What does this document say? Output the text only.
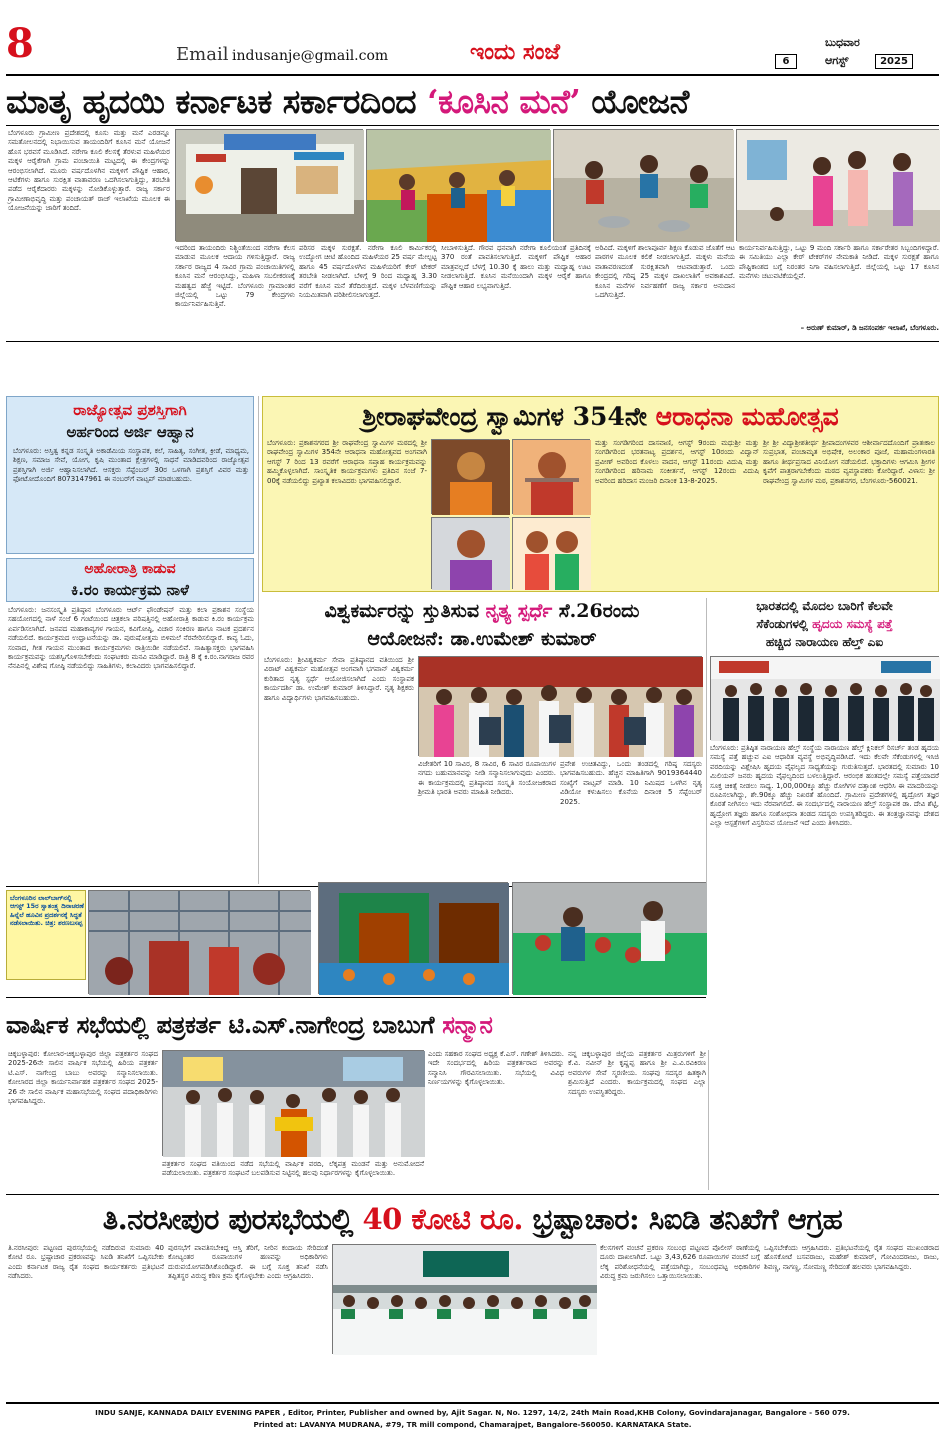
8	Email indusanje@gmail.com	ಇಂದು ಸಂಜೆ	ಬುಧವಾರ
6	ಆಗಸ್ಟ್	2025
ಮಾತೃ ಹೃದಯಿ ಕರ್ನಾಟಕ ಸರ್ಕಾರದಿಂದ ‘ಕೂಸಿನ ಮನೆ’ ಯೋಜನೆ
ಬೆಂಗಳೂರು ಗ್ರಾಮೀಣ ಪ್ರದೇಶದಲ್ಲಿ ಕೂಸು ಮತ್ತು ಮನೆ ಎರಡನ್ನೂ ಸಮತೋಲನದಲ್ಲಿ ನಿಭಾಯಿಸುವ ತಾಯಂದಿರಿಗೆ ಕೂಸಿನ ಮನೆ ಯೋಜನೆ ಹೊಸ ಭರವಸೆ ಮೂಡಿಸಿದೆ. ನರೇಗಾ ಕೂಲಿ ಕೆಲಸಕ್ಕೆ ತೆರಳುವ ಮಹಿಳೆಯರ ಮಕ್ಕಳ ಆರೈಕೆಗಾಗಿ ಗ್ರಾಮ ಪಂಚಾಯಿತಿ ಮಟ್ಟದಲ್ಲಿ ಈ ಕೇಂದ್ರಗಳನ್ನು ಆರಂಭಿಸಲಾಗಿದೆ. ಮೂರು ವರ್ಷದೊಳಗಿನ ಮಕ್ಕಳಿಗೆ ಪೌಷ್ಟಿಕ ಆಹಾರ, ಆಟಿಕೆಗಳು ಹಾಗೂ ಸುರಕ್ಷಿತ ವಾತಾವರಣ ಒದಗಿಸಲಾಗುತ್ತಿದ್ದು, ತರಬೇತಿ ಪಡೆದ ಆರೈಕೆದಾರರು ಮಕ್ಕಳನ್ನು ನೋಡಿಕೊಳ್ಳುತ್ತಾರೆ. ರಾಜ್ಯ ಸರ್ಕಾರ ಗ್ರಾಮೀಣಾಭಿವೃದ್ಧಿ ಮತ್ತು ಪಂಚಾಯತ್ ರಾಜ್ ಇಲಾಖೆಯ ಮೂಲಕ ಈ ಯೋಜನೆಯನ್ನು ಜಾರಿಗೆ ತಂದಿದೆ.
ಇದರಿಂದ ತಾಯಂದಿರು ನಿಶ್ಚಿಂತೆಯಿಂದ ನರೇಗಾ ಕೆಲಸ ಮಾಡುವ ಮೂಲಕ ಆದಾಯ ಗಳಿಸುತ್ತಿದ್ದಾರೆ. ರಾಜ್ಯ ಸರ್ಕಾರ ರಾಜ್ಯದ 4 ಸಾವಿರ ಗ್ರಾಮ ಪಂಚಾಯಿತಿಗಳಲ್ಲಿ ಕೂಸಿನ ಮನೆ ಆರಂಭಿಸಿದ್ದು, ಮಹಿಳಾ ಸಬಲೀಕರಣಕ್ಕೆ ಮಹತ್ವದ ಹೆಜ್ಜೆ ಇಟ್ಟಿದೆ. ಬೆಂಗಳೂರು ಗ್ರಾಮಾಂತರ ಜಿಲ್ಲೆಯಲ್ಲಿ ಒಟ್ಟು 79 ಕೇಂದ್ರಗಳು ಕಾರ್ಯನಿರ್ವಹಿಸುತ್ತಿವೆ.
ಪರಿಸರ ಮಕ್ಕಳ ಸುರಕ್ಷತೆ. ನರೇಗಾ ಕೂಲಿ ಕಾರ್ಮಿಕರಲ್ಲಿ ಉದ್ಯೋಗ ಚೀಟಿ ಹೊಂದಿದ ಮಹಿಳೆಯರ 25 ವರ್ಷ ಮೇಲ್ಪಟ್ಟ ಹಾಗೂ 45 ವರ್ಷದೊಳಗಿನ ಮಹಿಳೆಯರಿಗೆ ಕೇರ್ ಟೇಕರ್ ತರಬೇತಿ ನೀಡಲಾಗಿದೆ. ಬೆಳಿಗ್ಗೆ 9 ರಿಂದ ಮಧ್ಯಾಹ್ನ 3.30 ವರೆಗೆ ಕೂಸಿನ ಮನೆ ತೆರೆದಿರುತ್ತದೆ. ಮಕ್ಕಳ ಬೆಳವಣಿಗೆಯನ್ನು ನಿಯಮಿತವಾಗಿ ಪರಿಶೀಲಿಸಲಾಗುತ್ತದೆ.
ಸೀಬಾಳಿಸುತ್ತಿದೆ. ಗೌರವ ಧನವಾಗಿ ನರೇಗಾ ಕೂಲಿಯಂತೆ ಪ್ರತಿದಿನಕ್ಕೆ 370 ರಂತೆ ಪಾವತಿಸಲಾಗುತ್ತಿದೆ. ಮಕ್ಕಳಿಗೆ ಪೌಷ್ಟಿಕ ಆಹಾರ ಮಾತ್ರವಲ್ಲದೆ ಬೆಳಗ್ಗೆ 10.30 ಕ್ಕೆ ಹಾಲು ಮತ್ತು ಮಧ್ಯಾಹ್ನ ಊಟ ನೀಡಲಾಗುತ್ತಿದೆ. ಕೂಸಿನ ಮನೆಯಿಂದಾಗಿ ಮಕ್ಕಳ ಆರೈಕೆ ಹಾಗೂ ಪೌಷ್ಟಿಕ ಆಹಾರ ಲಭ್ಯವಾಗುತ್ತಿದೆ.
ಅರಿವಿದೆ. ಮಕ್ಕಳಿಗೆ ಶಾಲಾಪೂರ್ವ ಶಿಕ್ಷಣ ಕೊಡುವ ಜೊತೆಗೆ ಆಟ ಪಾಠಗಳ ಮೂಲಕ ಕಲಿಕೆ ನೀಡಲಾಗುತ್ತಿದೆ. ಮಕ್ಕಳು ಮನೆಯ ವಾತಾವರಣದಂತೆ ಸುರಕ್ಷಿತವಾಗಿ ಆಟವಾಡುತ್ತಾರೆ. ಒಂದು ಕೇಂದ್ರದಲ್ಲಿ ಗರಿಷ್ಠ 25 ಮಕ್ಕಳ ದಾಖಲಾತಿಗೆ ಅವಕಾಶವಿದೆ. ಕೂಸಿನ ಮನೆಗಳ ನಿರ್ವಹಣೆಗೆ ರಾಜ್ಯ ಸರ್ಕಾರ ಅನುದಾನ ಒದಗಿಸುತ್ತಿದೆ.
ಕಾರ್ಯನಿರ್ವಹಿಸುತ್ತಿದ್ದು, ಒಟ್ಟು 9 ಮಂದಿ ಸರ್ಕಾರಿ ಹಾಗೂ ಸರ್ಕಾರೇತರ ಸಿಬ್ಬಂದಿಗಳಿದ್ದಾರೆ. ಈ ಸಮಿತಿಯು ಎಲ್ಲಾ ಕೇರ್ ಟೇಕರ್‌ಗಳ ನೇಮಕಾತಿ ನೀಡಿದೆ. ಮಕ್ಕಳ ಸುರಕ್ಷತೆ ಹಾಗೂ ಪೌಷ್ಟಿಕಾಂಶದ ಬಗ್ಗೆ ನಿರಂತರ ನಿಗಾ ವಹಿಸಲಾಗುತ್ತಿದೆ. ಜಿಲ್ಲೆಯಲ್ಲಿ ಒಟ್ಟು 17 ಕೂಸಿನ ಮನೆಗಳು ಚಟುವಟಿಕೆಯಲ್ಲಿವೆ.
– ಅರುಣ್ ಕುಮಾರ್, ಡಿ ಜನಸಂಪರ್ಕ ಇಲಾಖೆ, ಬೆಂಗಳೂರು.
ರಾಜ್ಯೋತ್ಸವ ಪ್ರಶಸ್ತಿಗಾಗಿ
ಅರ್ಹರಿಂದ ಅರ್ಜಿ ಆಹ್ವಾನ
ಬೆಂಗಳೂರು: ಅಸ್ತಿತ್ವ ಕನ್ನಡ ಸಂಸ್ಕೃತಿ ಅಕಾಡೆಮಿಯ ಸಂಸ್ಥಾಪಕ, ಕಲೆ, ಸಾಹಿತ್ಯ, ಸಂಗೀತ, ಕ್ರೀಡೆ, ಮಾಧ್ಯಮ, ಶಿಕ್ಷಣ, ಸಮಾಜ ಸೇವೆ, ಯೋಗ, ಕೃಷಿ ಮುಂತಾದ ಕ್ಷೇತ್ರಗಳಲ್ಲಿ ಸಾಧನೆ ಮಾಡಿದವರಿಂದ ರಾಜ್ಯೋತ್ಸವ ಪ್ರಶಸ್ತಿಗಾಗಿ ಅರ್ಜಿ ಆಹ್ವಾನಿಸಲಾಗಿದೆ. ಆಸಕ್ತರು ಸೆಪ್ಟೆಂಬರ್ 30ರ ಒಳಗಾಗಿ ಪ್ರಶಸ್ತಿಗೆ ವಿವರ ಮತ್ತು ಫೋಟೋದೊಂದಿಗೆ 8073147961 ಈ ನಂಬರ್‌ಗೆ ವಾಟ್ಸಪ್ ಮಾಡಬಹುದು.
ಅಹೋರಾತ್ರಿ ಕಾಡುವ
ಕಿ.ರಂ ಕಾರ್ಯಕ್ರಮ ನಾಳೆ
ಬೆಂಗಳೂರು: ಜನಸಂಸ್ಕೃತಿ ಪ್ರತಿಷ್ಠಾನ ಬೆಂಗಳೂರು ಆರ್ಟ್ ಫೌಂಡೇಷನ್ ಮತ್ತು ಕಲಾ ಪ್ರಕಾಶನ ಸಂಸ್ಥೆಯ ಸಹಯೋಗದಲ್ಲಿ ನಾಳೆ ಸಂಜೆ 6 ಗಂಟೆಯಿಂದ ಚಿತ್ರಕಲಾ ಪರಿಷತ್ತಿನಲ್ಲಿ ಅಹೋರಾತ್ರಿ ಕಾಡುವ ಕಿ.ರಂ ಕಾರ್ಯಕ್ರಮ ಏರ್ಪಡಿಸಲಾಗಿದೆ. ಜನಪದ ಮಹಾಕಾವ್ಯಗಳ ಗಾಯನ, ಕವಿಗೋಷ್ಠಿ, ವಿಚಾರ ಸಂಕಿರಣ ಹಾಗೂ ನಾಟಕ ಪ್ರದರ್ಶನ ನಡೆಯಲಿದೆ. ಕಾರ್ಯಕ್ರಮದ ಉದ್ಘಾಟನೆಯನ್ನು ಡಾ. ಪುರುಷೋತ್ತಮ ಬಿಳಿಮಲೆ ನೆರವೇರಿಸಲಿದ್ದಾರೆ. ಕಾವ್ಯ ಓದು, ಸಂವಾದ, ಗೀತ ಗಾಯನ ಮುಂತಾದ ಕಾರ್ಯಕ್ರಮಗಳು ರಾತ್ರಿಯಿಡೀ ನಡೆಯಲಿವೆ. ಸಾಹಿತ್ಯಾಸಕ್ತರು ಭಾಗವಹಿಸಿ ಕಾರ್ಯಕ್ರಮವನ್ನು ಯಶಸ್ವಿಗೊಳಿಸಬೇಕೆಂದು ಸಂಘಟಕರು ಮನವಿ ಮಾಡಿದ್ದಾರೆ. ರಾತ್ರಿ 8 ಕ್ಕೆ ಕಿ.ರಂ.ನಾಗರಾಜ ರವರ ನೆನಪಿನಲ್ಲಿ ವಿಶೇಷ ಗೋಷ್ಠಿ ನಡೆಯಲಿದ್ದು ಸಾಹಿತಿಗಳು, ಕಲಾವಿದರು ಭಾಗವಹಿಸಲಿದ್ದಾರೆ.
ಶ್ರೀರಾಘವೇಂದ್ರ ಸ್ವಾಮಿಗಳ 354ನೇ ಆರಾಧನಾ ಮಹೋತ್ಸವ
ಬೆಂಗಳೂರು: ಪ್ರಕಾಶನಗರದ ಶ್ರೀ ರಾಘವೇಂದ್ರ ಸ್ವಾಮಿಗಳ ಮಠದಲ್ಲಿ ಶ್ರೀ ರಾಘವೇಂದ್ರ ಸ್ವಾಮಿಗಳ 354ನೇ ಆರಾಧನಾ ಮಹೋತ್ಸವದ ಅಂಗವಾಗಿ ಆಗಸ್ಟ್ 7 ರಿಂದ 13 ರವರೆಗೆ ಆರಾಧನಾ ಸಪ್ತಾಹ ಕಾರ್ಯಕ್ರಮವನ್ನು ಹಮ್ಮಿಕೊಳ್ಳಲಾಗಿದೆ. ಸಾಂಸ್ಕೃತಿಕ ಕಾರ್ಯಕ್ರಮಗಳು ಪ್ರತಿದಿನ ಸಂಜೆ 7-00ಕ್ಕೆ ನಡೆಯಲಿದ್ದು ಪ್ರಖ್ಯಾತ ಕಲಾವಿದರು ಭಾಗವಹಿಸಲಿದ್ದಾರೆ.
ಮತ್ತು ಸಂಗಡಿಗರಿಂದ ದಾಸವಾಣಿ, ಆಗಸ್ಟ್ 9ರಂದು ಮಧುಶ್ರೀ ಮತ್ತು ಸಂಗಡಿಗರಿಂದ ಭರತನಾಟ್ಯ ಪ್ರದರ್ಶನ, ಆಗಸ್ಟ್ 10ರಂದು ವಿದ್ವಾನ್ ಪ್ರವೀಣ್ ಅವರಿಂದ ಕೊಳಲು ವಾದನ, ಆಗಸ್ಟ್ 11ರಂದು ವಿದುಷಿ ಮತ್ತು ಸಂಗಡಿಗರಿಂದ ಹರಿನಾಮ ಸಂಕೀರ್ತನೆ, ಆಗಸ್ಟ್ 12ರಂದು ವಿದುಷಿ ಅವರಿಂದ ಹರಿದಾಸ ಮಂಜರಿ ದಿನಾಂಕ 13-8-2025.
ಶ್ರೀ ಶ್ರೀ ವಿದ್ಯಾಶ್ರೀಶತೀರ್ಥ ಶ್ರೀಪಾದಂಗಳವರ ಆಶೀರ್ವಾದದೊಂದಿಗೆ ಪ್ರಾತಃಕಾಲ ಸುಪ್ರಭಾತ, ಪಂಚಾಮೃತ ಅಭಿಷೇಕ, ಅಲಂಕಾರ ಪೂಜೆ, ಮಹಾಮಂಗಳಾರತಿ ಹಾಗೂ ತೀರ್ಥಪ್ರಸಾದ ವಿನಿಯೋಗ ನಡೆಯಲಿದೆ. ಭಕ್ತಾದಿಗಳು ಆಗಮಿಸಿ ಶ್ರೀಗಳ ಕೃಪೆಗೆ ಪಾತ್ರರಾಗಬೇಕೆಂದು ಮಠದ ವ್ಯವಸ್ಥಾಪಕರು ಕೋರಿದ್ದಾರೆ. ವಿಳಾಸ: ಶ್ರೀ ರಾಘವೇಂದ್ರ ಸ್ವಾಮಿಗಳ ಮಠ, ಪ್ರಕಾಶನಗರ, ಬೆಂಗಳೂರು-560021.
ವಿಶ್ವಕರ್ಮರನ್ನು ಸ್ತುತಿಸುವ ನೃತ್ಯ ಸ್ಪರ್ಧೆ ಸೆ.26ರಂದು
ಆಯೋಜನೆ: ಡಾ.ಉಮೇಶ್ ಕುಮಾರ್
ಬೆಂಗಳೂರು: ಶ್ರೀವಿಶ್ವಕರ್ಮ ಸೇವಾ ಪ್ರತಿಷ್ಠಾನದ ವತಿಯಿಂದ ಶ್ರೀ ವಿರಾಟ್ ವಿಶ್ವಕರ್ಮ ಮಹೋತ್ಸವ ಅಂಗವಾಗಿ ಭಗವಾನ್ ವಿಶ್ವಕರ್ಮ ಕುರಿತಾದ ನೃತ್ಯ ಸ್ಪರ್ಧೆ ಆಯೋಜಿಸಲಾಗಿದೆ ಎಂದು ಸಂಸ್ಥಾಪಕ ಕಾರ್ಯದರ್ಶಿ ಡಾ. ಉಮೇಶ್ ಕುಮಾರ್ ತಿಳಿಸಿದ್ದಾರೆ. ನೃತ್ಯ ಶಿಕ್ಷಕರು ಹಾಗೂ ವಿದ್ಯಾರ್ಥಿಗಳು ಭಾಗವಹಿಸಬಹುದು.
ವಿಜೇತರಿಗೆ 10 ಸಾವಿರ, 8 ಸಾವಿರ, 6 ಸಾವಿರ ರೂಪಾಯಿಗಳ ನಗದು ಬಹುಮಾನವನ್ನು ನೀಡಿ ಸನ್ಮಾನಿಸಲಾಗುವುದು ಎಂದರು. ಈ ಕಾರ್ಯಕ್ರಮದಲ್ಲಿ ಪ್ರತಿಷ್ಠಾನದ ಸಂಸ್ಕೃತಿ ಸಂಯೋಜಕರಾದ ಶ್ರೀಮತಿ ಭಾರತಿ ಅವರು ಮಾಹಿತಿ ನೀಡಿದರು.
ಪ್ರವೇಶ ಉಚಿತವಿದ್ದು, ಒಂದು ತಂಡದಲ್ಲಿ ಗರಿಷ್ಠ ಸದಸ್ಯರು ಭಾಗವಹಿಸಬಹುದು. ಹೆಚ್ಚಿನ ಮಾಹಿತಿಗಾಗಿ 9019364440 ಸಂಖ್ಯೆಗೆ ವಾಟ್ಸಪ್ ಮಾಡಿ. 10 ನಿಮಿಷದ ಒಳಗಿನ ನೃತ್ಯ ವಿಡಿಯೋ ಕಳುಹಿಸಲು ಕೊನೆಯ ದಿನಾಂಕ 5 ಸೆಪ್ಟೆಂಬರ್ 2025.
ಭಾರತದಲ್ಲಿ ಮೊದಲ ಬಾರಿಗೆ ಕೆಲವೇ
ಸೆಕೆಂಡುಗಳಲ್ಲಿ ಹೃದಯ ಸಮಸ್ಯೆ ಪತ್ತೆ
ಹಚ್ಚಿದ ನಾರಾಯಣ ಹೆಲ್ತ್ ಎಐ
ಬೆಂಗಳೂರು: ಪ್ರತಿಷ್ಠಿತ ನಾರಾಯಣ ಹೆಲ್ತ್ ಸಂಸ್ಥೆಯ ನಾರಾಯಣ ಹೆಲ್ತ್ ಕ್ಲಿನಿಕಲ್ ರಿಸರ್ಚ್ ತಂಡ ಹೃದಯ ಸಮಸ್ಯೆ ಪತ್ತೆ ಹಚ್ಚುವ ಎಐ ಆಧಾರಿತ ವ್ಯವಸ್ಥೆ ಅಭಿವೃದ್ಧಿಪಡಿಸಿದೆ. ಇದು ಕೆಲವೇ ಸೆಕೆಂಡುಗಳಲ್ಲಿ ಇಸಿಜಿ ವರದಿಯನ್ನು ವಿಶ್ಲೇಷಿಸಿ ಹೃದಯ ವೈಫಲ್ಯದ ಸಾಧ್ಯತೆಯನ್ನು ಗುರುತಿಸುತ್ತದೆ. ಭಾರತದಲ್ಲಿ ಸುಮಾರು 10 ಮಿಲಿಯನ್ ಜನರು ಹೃದಯ ವೈಫಲ್ಯದಿಂದ ಬಳಲುತ್ತಿದ್ದಾರೆ. ಆರಂಭಿಕ ಹಂತದಲ್ಲೇ ಸಮಸ್ಯೆ ಪತ್ತೆಯಾದರೆ ಸೂಕ್ತ ಚಿಕಿತ್ಸೆ ನೀಡಲು ಸಾಧ್ಯ. 1,00,000ಕ್ಕೂ ಹೆಚ್ಚು ರೋಗಿಗಳ ದತ್ತಾಂಶ ಆಧರಿಸಿ ಈ ಮಾದರಿಯನ್ನು ರೂಪಿಸಲಾಗಿದ್ದು, ಶೇ.90ಕ್ಕೂ ಹೆಚ್ಚು ನಿಖರತೆ ಹೊಂದಿದೆ. ಗ್ರಾಮೀಣ ಪ್ರದೇಶಗಳಲ್ಲಿ ಹೃದ್ರೋಗ ತಜ್ಞರ ಕೊರತೆ ನೀಗಿಸಲು ಇದು ನೆರವಾಗಲಿದೆ. ಈ ಸಂದರ್ಭದಲ್ಲಿ ನಾರಾಯಣ ಹೆಲ್ತ್ ಸಂಸ್ಥಾಪಕ ಡಾ. ದೇವಿ ಶೆಟ್ಟಿ, ಹೃದ್ರೋಗ ತಜ್ಞರು ಹಾಗೂ ಸಂಶೋಧನಾ ತಂಡದ ಸದಸ್ಯರು ಉಪಸ್ಥಿತರಿದ್ದರು. ಈ ತಂತ್ರಜ್ಞಾನವನ್ನು ದೇಶದ ಎಲ್ಲಾ ಆಸ್ಪತ್ರೆಗಳಿಗೆ ವಿಸ್ತರಿಸುವ ಯೋಜನೆ ಇದೆ ಎಂದು ತಿಳಿಸಿದರು.
ಬೆಂಗಳೂರಿನ ಲಾಲ್‌ಬಾಗ್‌ನಲ್ಲಿ ಆಗಸ್ಟ್ 15ರ ಸ್ವಾತಂತ್ರ್ಯ ದಿನಾಚರಣೆ ಹಿನ್ನೆಲೆ ಹೂವಿನ ಪ್ರದರ್ಶನಕ್ಕೆ ಸಿದ್ಧತೆ ನಡೆಸಲಾಯಿತು. ಚಿತ್ರ: ಶರಣಬಸಪ್ಪ
ವಾರ್ಷಿಕ ಸಭೆಯಲ್ಲಿ ಪತ್ರಕರ್ತ ಟಿ.ಎಸ್.ನಾಗೇಂದ್ರ ಬಾಬುಗೆ ಸನ್ಮಾನ
ಚಿಕ್ಕಬಳ್ಳಾಪುರ: ಕೋಲಾರ-ಚಿಕ್ಕಬಳ್ಳಾಪುರ ಜಿಲ್ಲಾ ಪತ್ರಕರ್ತರ ಸಂಘದ 2025-26ನೇ ಸಾಲಿನ ವಾರ್ಷಿಕ ಸಭೆಯಲ್ಲಿ ಹಿರಿಯ ಪತ್ರಕರ್ತ ಟಿ.ಎಸ್. ನಾಗೇಂದ್ರ ಬಾಬು ಅವರನ್ನು ಸನ್ಮಾನಿಸಲಾಯಿತು. ಕೋಲಾರದ ಜಿಲ್ಲಾ ಕಾರ್ಯನಿರ್ವಾಹಕ ಪತ್ರಕರ್ತರ ಸಂಘದ 2025-26 ನೇ ಸಾಲಿನ ವಾರ್ಷಿಕ ಮಹಾಸಭೆಯಲ್ಲಿ ಸಂಘದ ಪದಾಧಿಕಾರಿಗಳು ಭಾಗವಹಿಸಿದ್ದರು.
ಪತ್ರಕರ್ತರ ಸಂಘದ ವತಿಯಿಂದ ನಡೆದ ಸಭೆಯಲ್ಲಿ ವಾರ್ಷಿಕ ವರದಿ, ಲೆಕ್ಕಪತ್ರ ಮಂಡನೆ ಮತ್ತು ಅನುಮೋದನೆ ಪಡೆಯಲಾಯಿತು. ಪತ್ರಕರ್ತರ ಸಂಘಟನೆ ಬಲಪಡಿಸುವ ನಿಟ್ಟಿನಲ್ಲಿ ಹಲವು ನಿರ್ಧಾರಗಳನ್ನು ಕೈಗೊಳ್ಳಲಾಯಿತು.
ಎಂದು ಸಹಕಾರ ಸಂಘದ ಅಧ್ಯಕ್ಷ ಕೆ.ಎಸ್. ಗಣೇಶ್ ತಿಳಿಸಿದರು. ಇದೇ ಸಂದರ್ಭದಲ್ಲಿ ಹಿರಿಯ ಪತ್ರಕರ್ತರಾದ ಅವರನ್ನು ಸನ್ಮಾನಿಸಿ ಗೌರವಿಸಲಾಯಿತು. ಸಭೆಯಲ್ಲಿ ವಿವಿಧ ನಿರ್ಣಯಗಳನ್ನು ಕೈಗೊಳ್ಳಲಾಯಿತು.
ನನ್ನ ಚಿಕ್ಕಬಳ್ಳಾಪುರ ಜಿಲ್ಲೆಯ ಪತ್ರಕರ್ತರ ಮಿತ್ರರುಗಳಿಗೆ ಶ್ರೀ ಕೆ.ವಿ. ನವೀನ್ ಶ್ರೀ ಕೃಷ್ಣಪ್ಪ ಹಾಗೂ ಶ್ರೀ ಎ.ವಿ.ರವಿಕಿರಣ ಅವರುಗಳ ಸೇವೆ ಸ್ಮರಣೀಯ. ಸಂಘವು ಸದಸ್ಯರ ಹಿತಕ್ಕಾಗಿ ಶ್ರಮಿಸುತ್ತಿದೆ ಎಂದರು. ಕಾರ್ಯಕ್ರಮದಲ್ಲಿ ಸಂಘದ ಎಲ್ಲಾ ಸದಸ್ಯರು ಉಪಸ್ಥಿತರಿದ್ದರು.
ತಿ.ನರಸೀಪುರ ಪುರಸಭೆಯಲ್ಲಿ 40 ಕೋಟಿ ರೂ. ಭ್ರಷ್ಟಾಚಾರ: ಸಿಐಡಿ ತನಿಖೆಗೆ ಆಗ್ರಹ
ತಿ.ನರಸೀಪುರ: ಪಟ್ಟಣದ ಪುರಸಭೆಯಲ್ಲಿ ನಡೆದಿರುವ ಸುಮಾರು 40 ಕೋಟಿ ರೂ. ಭ್ರಷ್ಟಾಚಾರ ಪ್ರಕರಣವನ್ನು ಸಿಐಡಿ ತನಿಖೆಗೆ ಒಪ್ಪಿಸಬೇಕು ಎಂದು ಕರ್ನಾಟಕ ರಾಜ್ಯ ರೈತ ಸಂಘದ ಕಾರ್ಯಕರ್ತರು ಪ್ರತಿಭಟನೆ ನಡೆಸಿದರು.
ಪುರಸಭೆಗೆ ಪಾವತಿಸಬೇಕಿದ್ದ ಆಸ್ತಿ ತೆರಿಗೆ, ನೀರಿನ ಕಂದಾಯ ಸೇರಿದಂತೆ ಕೋಟ್ಯಂತರ ರೂಪಾಯಿಗಳ ಹಣವನ್ನು ಅಧಿಕಾರಿಗಳು ದುರುಪಯೋಗಪಡಿಸಿಕೊಂಡಿದ್ದಾರೆ. ಈ ಬಗ್ಗೆ ಸೂಕ್ತ ತನಿಖೆ ನಡೆಸಿ ತಪ್ಪಿತಸ್ಥರ ವಿರುದ್ಧ ಕಠಿಣ ಕ್ರಮ ಕೈಗೊಳ್ಳಬೇಕು ಎಂದು ಆಗ್ರಹಿಸಿದರು.
ಕೆಲಸಗಳಿಗೆ ವಂಚನೆ ಪ್ರಕರಣ ಸಂಬಂಧ ಪಟ್ಟಣದ ಪೊಲೀಸ್ ಠಾಣೆಯಲ್ಲಿ ದೂರು ದಾಖಲಾಗಿದೆ. ಒಟ್ಟು 3,43,626 ರೂಪಾಯಿಗಳ ವಂಚನೆ ಬಗ್ಗೆ ಲೆಕ್ಕ ಪರಿಶೋಧನೆಯಲ್ಲಿ ಪತ್ತೆಯಾಗಿದ್ದು, ಸಂಬಂಧಪಟ್ಟ ಅಧಿಕಾರಿಗಳ ವಿರುದ್ಧ ಕ್ರಮ ಜರುಗಿಸಲು ಒತ್ತಾಯಿಸಲಾಯಿತು.
ಒಪ್ಪಿಸಬೇಕೆಂದು ಆಗ್ರಹಿಸಿದರು. ಪ್ರತಿಭಟನೆಯಲ್ಲಿ ರೈತ ಸಂಘದ ಮುಖಂಡರಾದ ಹೊಸಕೋಟೆ ಬಸವರಾಜು, ಮಹೇಶ್ ಕುಮಾರ್, ಗೋವಿಂದರಾಜು, ರಾಜು, ಶಿವಣ್ಣ, ನಾಗಣ್ಣ, ಸೋಮಣ್ಣ ಸೇರಿದಂತೆ ಹಲವರು ಭಾಗವಹಿಸಿದ್ದರು.
INDU SANJE, KANNADA DAILY EVENING PAPER , Editor, Printer, Publisher and owned by, Ajit Sagar. N, No. 1297, 14/2, 24th Main Road,KHB Colony, Govindarajanagar, Bangalore - 560 079.
Printed at: LAVANYA MUDRANA, #79, TR mill compond, Chamarajpet, Bangalore-560050. KARNATAKA State.
